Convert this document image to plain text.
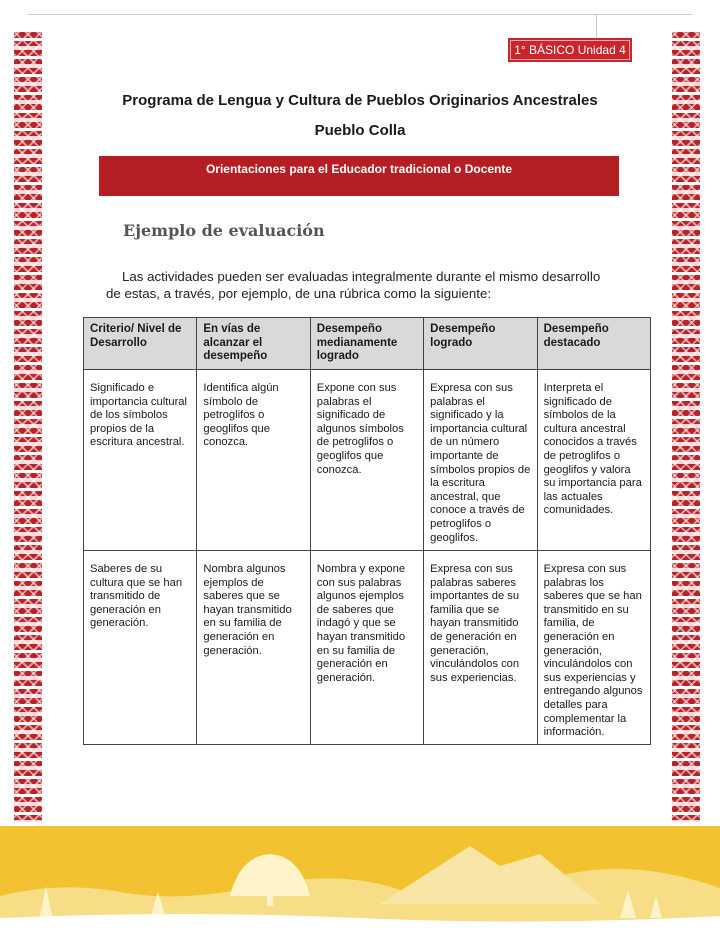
1° BÁSICO Unidad 4
Programa de Lengua y Cultura de Pueblos Originarios Ancestrales
Pueblo Colla
Orientaciones para el Educador tradicional o Docente
Ejemplo de evaluación
Las actividades pueden ser evaluadas integralmente durante el mismo desarrollo de estas, a través, por ejemplo, de una rúbrica como la siguiente:
Criterio/ Nivel de Desarrollo	En vías de alcanzar el desempeño	Desempeño medianamente logrado	Desempeño logrado	Desempeño destacado
Significado e importancia cultural de los símbolos propios de la escritura ancestral.	Identifica algún símbolo de petroglifos o geoglifos que conozca.	Expone con sus palabras el significado de algunos símbolos de petroglifos o geoglifos que conozca.	Expresa con sus palabras el significado y la importancia cultural de un número importante de símbolos propios de la escritura ancestral, que conoce a través de petroglifos o geoglifos.	Interpreta el significado de símbolos de la cultura ancestral conocidos a través de petroglifos o geoglifos y valora su importancia para las actuales comunidades.
Saberes de su cultura que se han transmitido de generación en generación.	Nombra algunos ejemplos de saberes que se hayan transmitido en su familia de generación en generación.	Nombra y expone con sus palabras algunos ejemplos de saberes que indagó y que se hayan transmitido en su familia de generación en generación.	Expresa con sus palabras saberes importantes de su familia que se hayan transmitido de generación en generación, vinculándolos con sus experiencias.	Expresa con sus palabras los saberes que se han transmitido en su familia, de generación en generación, vinculándolos con sus experiencias y entregando algunos detalles para complementar la información.
